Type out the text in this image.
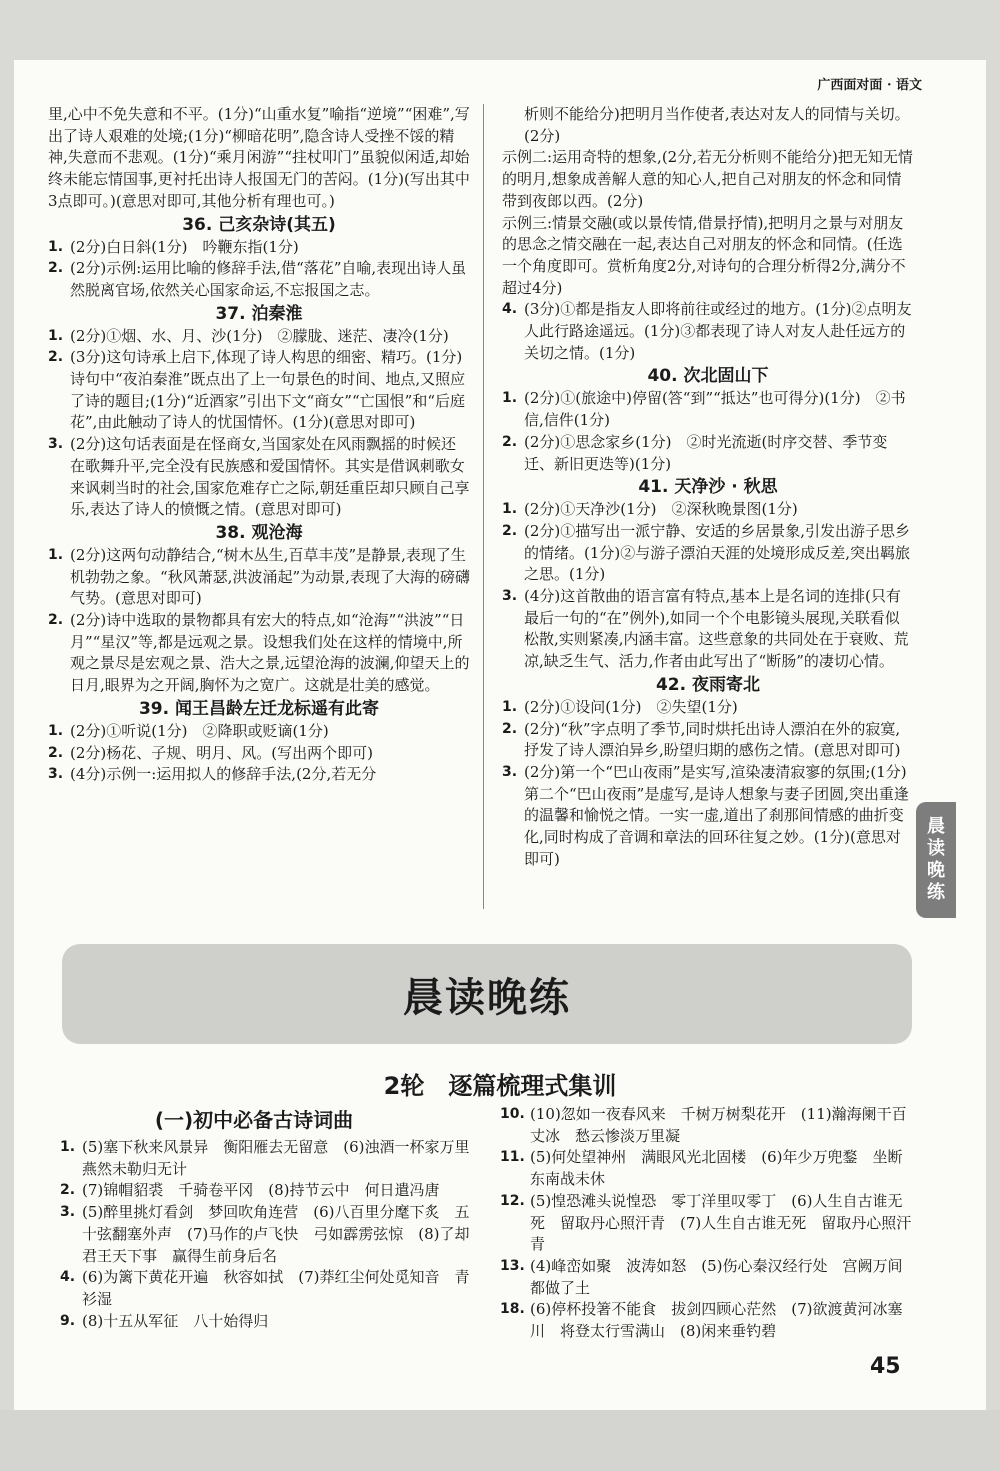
广西面对面 · 语文

里,心中不免失意和不平。(1分)“山重水复”喻指“逆境”“困难”,写出了诗人艰难的处境;(1分)“柳暗花明”,隐含诗人受挫不馁的精神,失意而不悲观。(1分)“乘月闲游”“拄杖叩门”虽貌似闲适,却始终未能忘情国事,更衬托出诗人报国无门的苦闷。(1分)(写出其中3点即可。)(意思对即可,其他分析有理也可。)

36. 己亥杂诗(其五)

1. (2分)白日斜(1分)　吟鞭东指(1分)
2. (2分)示例:运用比喻的修辞手法,借“落花”自喻,表现出诗人虽然脱离官场,依然关心国家命运,不忘报国之志。

37. 泊秦淮

1. (2分)①烟、水、月、沙(1分)　②朦胧、迷茫、凄冷(1分)
2. (3分)这句诗承上启下,体现了诗人构思的细密、精巧。(1分)诗句中“夜泊秦淮”既点出了上一句景色的时间、地点,又照应了诗的题目;(1分)“近酒家”引出下文“商女”“亡国恨”和“后庭花”,由此触动了诗人的忧国情怀。(1分)(意思对即可)
3. (2分)这句话表面是在怪商女,当国家处在风雨飘摇的时候还在歌舞升平,完全没有民族感和爱国情怀。其实是借讽刺歌女来讽刺当时的社会,国家危难存亡之际,朝廷重臣却只顾自己享乐,表达了诗人的愤慨之情。(意思对即可)

38. 观沧海

1. (2分)这两句动静结合,“树木丛生,百草丰茂”是静景,表现了生机勃勃之象。“秋风萧瑟,洪波涌起”为动景,表现了大海的磅礴气势。(意思对即可)
2. (2分)诗中选取的景物都具有宏大的特点,如“沧海”“洪波”“日月”“星汉”等,都是远观之景。设想我们处在这样的情境中,所观之景尽是宏观之景、浩大之景,远望沧海的波澜,仰望天上的日月,眼界为之开阔,胸怀为之宽广。这就是壮美的感觉。

39. 闻王昌龄左迁龙标遥有此寄

1. (2分)①听说(1分)　②降职或贬谪(1分)
2. (2分)杨花、子规、明月、风。(写出两个即可)
3. (4分)示例一:运用拟人的修辞手法,(2分,若无分

析则不能给分)把明月当作使者,表达对友人的同情与关切。(2分)

示例二:运用奇特的想象,(2分,若无分析则不能给分)把无知无情的明月,想象成善解人意的知心人,把自己对朋友的怀念和同情带到夜郎以西。(2分)

示例三:情景交融(或以景传情,借景抒情),把明月之景与对朋友的思念之情交融在一起,表达自己对朋友的怀念和同情。(任选一个角度即可。赏析角度2分,对诗句的合理分析得2分,满分不超过4分)

4. (3分)①都是指友人即将前往或经过的地方。(1分)②点明友人此行路途遥远。(1分)③都表现了诗人对友人赴任远方的关切之情。(1分)

40. 次北固山下

1. (2分)①(旅途中)停留(答“到”“抵达”也可得分)(1分)　②书信,信件(1分)
2. (2分)①思念家乡(1分)　②时光流逝(时序交替、季节变迁、新旧更迭等)(1分)

41. 天净沙 · 秋思

1. (2分)①天净沙(1分)　②深秋晚景图(1分)
2. (2分)①描写出一派宁静、安适的乡居景象,引发出游子思乡的情绪。(1分)②与游子漂泊天涯的处境形成反差,突出羁旅之思。(1分)
3. (4分)这首散曲的语言富有特点,基本上是名词的连排(只有最后一句的“在”例外),如同一个个电影镜头展现,关联看似松散,实则紧凑,内涵丰富。这些意象的共同处在于衰败、荒凉,缺乏生气、活力,作者由此写出了“断肠”的凄切心情。

42. 夜雨寄北

1. (2分)①设问(1分)　②失望(1分)
2. (2分)“秋”字点明了季节,同时烘托出诗人漂泊在外的寂寞,抒发了诗人漂泊异乡,盼望归期的感伤之情。(意思对即可)
3. (2分)第一个“巴山夜雨”是实写,渲染凄清寂寥的氛围;(1分)第二个“巴山夜雨”是虚写,是诗人想象与妻子团圆,突出重逢的温馨和愉悦之情。一实一虚,道出了刹那间情感的曲折变化,同时构成了音调和章法的回环往复之妙。(1分)(意思对即可)
晨
读
晚
练
晨读晚练
2轮　逐篇梳理式集训
(一)初中必备古诗词曲
1. (5)塞下秋来风景异　衡阳雁去无留意　(6)浊酒一杯家万里　燕然未勒归无计
2. (7)锦帽貂裘　千骑卷平冈　(8)持节云中　何日遣冯唐
3. (5)醉里挑灯看剑　梦回吹角连营　(6)八百里分麾下炙　五十弦翻塞外声　(7)马作的卢飞快　弓如霹雳弦惊　(8)了却君王天下事　赢得生前身后名
4. (6)为篱下黄花开遍　秋容如拭　(7)莽红尘何处觅知音　青衫湿
9. (8)十五从军征　八十始得归
10. (10)忽如一夜春风来　千树万树梨花开　(11)瀚海阑干百丈冰　愁云惨淡万里凝
11. (5)何处望神州　满眼风光北固楼　(6)年少万兜鍪　坐断东南战未休
12. (5)惶恐滩头说惶恐　零丁洋里叹零丁　(6)人生自古谁无死　留取丹心照汗青　(7)人生自古谁无死　留取丹心照汗青
13. (4)峰峦如聚　波涛如怒　(5)伤心秦汉经行处　宫阙万间都做了土
18. (6)停杯投箸不能食　拔剑四顾心茫然　(7)欲渡黄河冰塞川　将登太行雪满山　(8)闲来垂钓碧
45
